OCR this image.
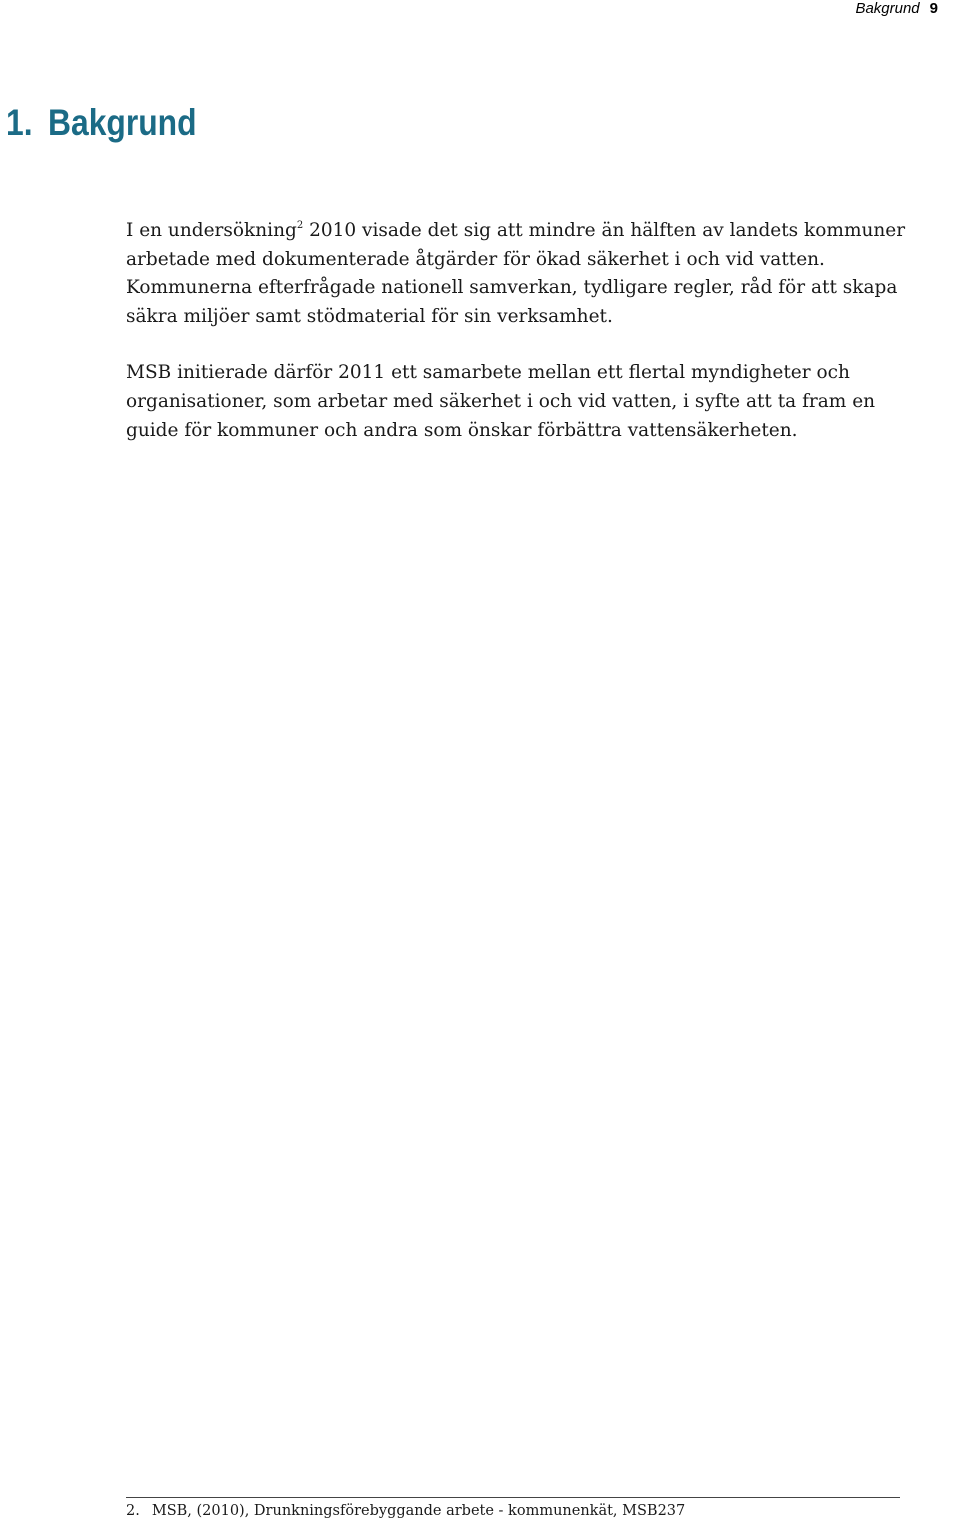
Bakgrund 9
1. Bakgrund

I en undersökning$^2$ 2010 visade det sig att mindre än hälften av landets kommuner arbetade med dokumenterade åtgärder för ökad säkerhet i och vid vatten. Kommunerna efterfrågade nationell samverkan, tydligare regler, råd för att skapa säkra miljöer samt stödmaterial för sin verksamhet.

MSB initierade därför 2011 ett samarbete mellan ett flertal myndigheter och organisationer, som arbetar med säkerhet i och vid vatten, i syfte att ta fram en guide för kommuner och andra som önskar förbättra vattensäkerheten.

2. MSB, (2010), Drunkningsförebyggande arbete - kommunenkät, MSB237
